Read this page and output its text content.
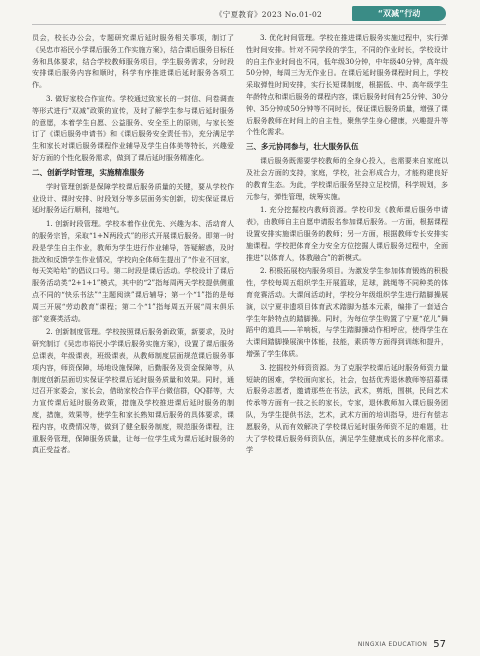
《宁夏教育》2023 No.01-02	“双减”行动

员会，校长办公会，专题研究课后延时服务相关事项，制订了《吴忠市裕民小学课后服务工作实施方案》，结合课后服务目标任务和具体要求，结合学校教师服务项目，学生服务需求，分时段安排课后服务内容和顺时，科学有序推进课后延时服务各项工作。

3. 做好家校合作宣传。学校通过致家长的一封信、问卷调查等形式进行“双减”政策的宣传，及时了解学生参与课后延时服务的意愿，本着学生自愿、公益服务、安全至上的原则，与家长签订了《课后服务申请书》和《课后服务安全责任书》，充分满足学生和家长对课后服务课程作业辅导及学生自体美等特长，兴趣爱好方面的个性化服务需求，做到了课后延时服务精准化。

二、创新学时管理，实施精准服务

学时管理创新是保障学校课后服务质量的关键，要从学校作业设计、课时安排、时段划分等多层面务实创新，切实保证课后延时服务运行顺利，接地气。

1. 创新时段管理。学校本着作业优先、兴趣为本、活动育人的服务宗旨，采取“1+N两段式”的形式开展课后服务。即第一时段是学生自主作业，教师为学生进行作业辅导，答疑解惑，及时批改和反馈学生作业情况，学校向全体师生提出了“作业不回家，每天笑哈哈”的倡议口号。第二时段是课后活动。学校设计了课后服务活动类“2+1+1”模式，其中的“2”指每周两天学校提供侧重点不同的“快乐书法”“主题阅读”课后辅导；第一个“1”指的是每周三开展“劳动教育”课程；第二个“1”指每周五开展“周末俱乐部”竞赛类活动。

2. 创新制度管理。学校按照课后服务新政策，新要求，及时研究制订《吴忠市裕民小学课后服务实施方案》，设置了课后服务总课表，年级课表，班级课表，从教师制度层面规范课后服务事项内容，师资保障，场地设施保障，后勤服务及资金保障等，从制度创新层面切实保证学校课后延时服务质量和效果。同时，通过召开家委会，家长会，借助家校合作平台微信群，QQ群等，大力宣传课后延时服务政策，措施及学校推进课后延时服务的制度，措施，效果等，使学生和家长熟知课后服务的具体要求，课程内容，收费情况等，做到了健全服务制度，规范服务课程，注重服务管理，保障服务质量，让每一位学生成为课后延时服务的真正受益者。

3. 优化时间管理。学校在推进课后服务实施过程中，实行弹性时间安排。针对不同学段的学生，不同的作业时长，学校设计的自主作业时间也不同，低年级30分钟，中年级40分钟，高年级50分钟，每周三为无作业日。在课后延时服务课程时间上，学校采取弹性时间安排，实行长短课制度，根据低、中、高年级学生年龄特点和课后服务的课程内容，课后服务时间有25分钟、30分钟、35分钟或50分钟等不同时长，保证课后服务质量，增强了课后服务教师在时间上的自主性，聚焦学生身心健康，兴趣提升等个性化需求。

三、多元协同参与，壮大服务队伍

课后服务既需要学校教师的全身心投入，也需要来自家庭以及社会方面的支持，家庭，学校，社会形成合力，才能构建良好的教育生态。为此，学校课后服务坚持立足校情，科学规划，多元参与，弹性管理，统筹实施。

1. 充分挖掘校内教师资源。学校印发《教师课后服务申请表》，由教师自主自愿申请报名参加课后服务。一方面，根据课程设置安排实施课后服务的教师；另一方面，根据教师专长安排实施课程。学校把体育全力安全方位挖掘人课后服务过程中，全面推进“以体育人，体教融合”的新模式。

2. 积极拓展校内服务项目。为激发学生参加体育锻炼的积极性，学校每周五组织学生开展篮球，足球，跳绳等不同种类的体育竞赛活动。大课间活动时，学校分年级组织学生进行踏脚操展演，以宁夏非遗项目体育武术踏脚为基本元素，编排了一套适合学生年龄特点的踏脚操。同时，为每位学生购置了宁夏“花儿”舞蹈中的道具——羊响板，与学生踏脚操动作相呼应，使得学生在大课间踏脚操展演中体能，技能，素质等方面得到训练和提升，增强了学生体质。

3. 挖掘校外师资资源。为了克服学校课后延时服务师资力量短缺的困难，学校面向家长，社会，包括优秀退休教师等招募课后服务志愿者，邀请那些在书法，武术，剪纸，围棋，民间艺术传承等方面有一技之长的家长，专家，退休教师加入课后服务团队，为学生提供书法，艺术，武术方面的培训指导，进行有偿志愿服务，从而有效解决了学校课后延时服务师资不足的难题，壮大了学校课后服务师资队伍，满足学生健康成长的多样化需求。学

NINGXIA EDUCATION 57
